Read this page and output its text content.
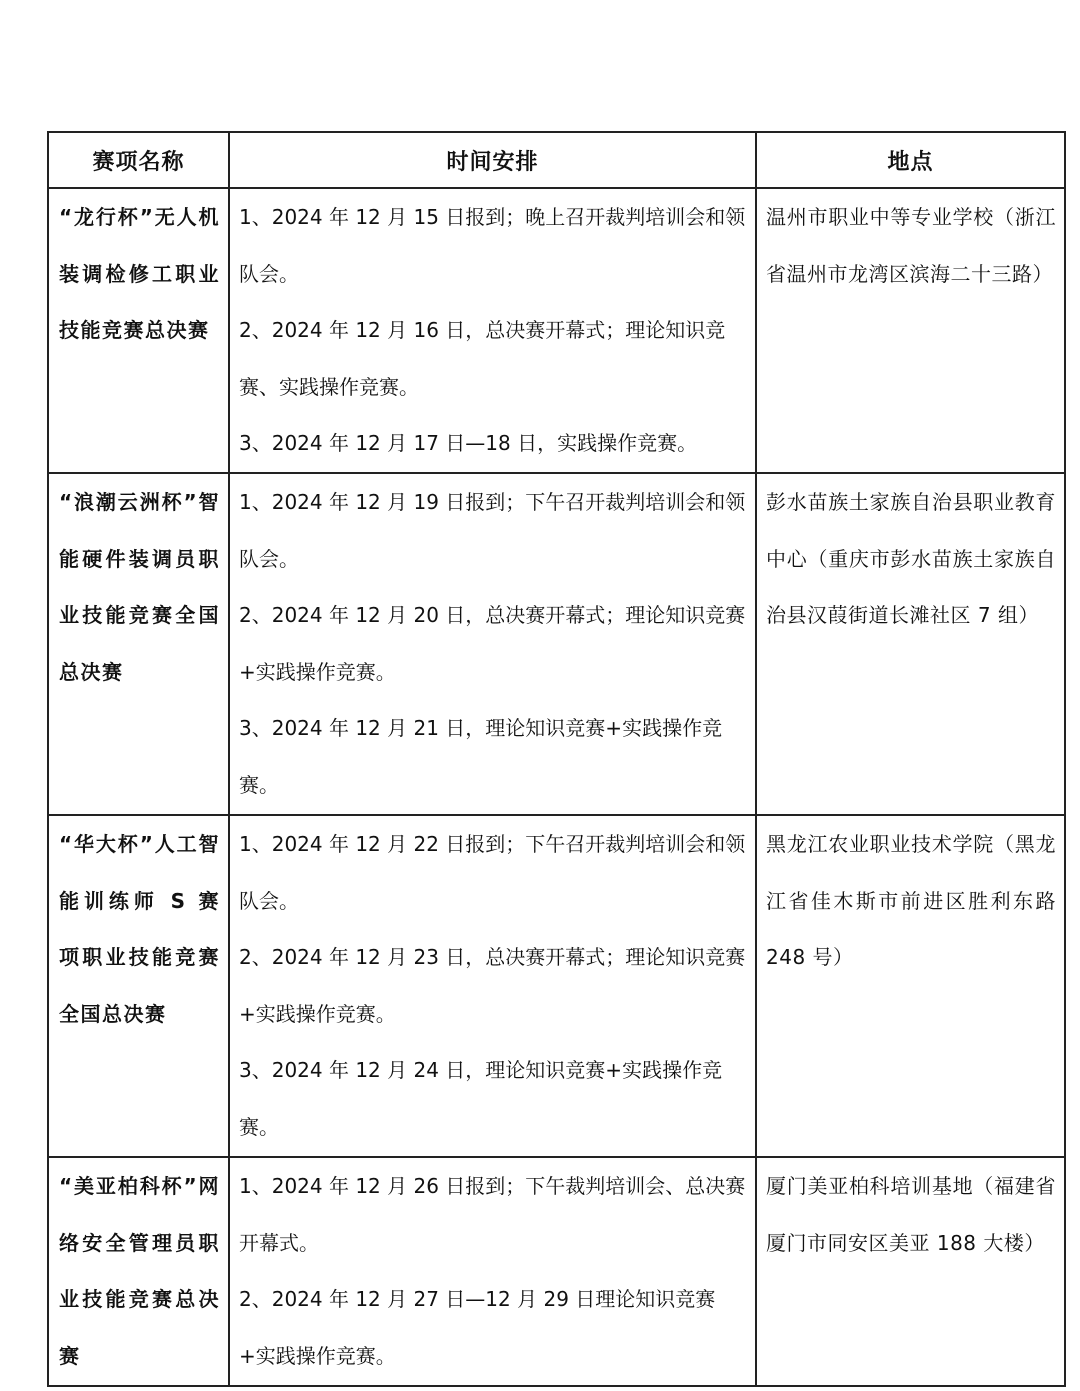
赛项名称	时间安排	地点
“龙行杯”无人机装调检修工职业技能竞赛总决赛	1、2024 年 12 月 15 日报到；晚上召开裁判培训会和领队会。
2、2024 年 12 月 16 日，总决赛开幕式；理论知识竞赛、实践操作竞赛。
3、2024 年 12 月 17 日—18 日，实践操作竞赛。	温州市职业中等专业学校（浙江省温州市龙湾区滨海二十三路）
“浪潮云洲杯”智能硬件装调员职业技能竞赛全国总决赛	1、2024 年 12 月 19 日报到；下午召开裁判培训会和领队会。
2、2024 年 12 月 20 日，总决赛开幕式；理论知识竞赛+实践操作竞赛。
3、2024 年 12 月 21 日，理论知识竞赛+实践操作竞赛。	彭水苗族土家族自治县职业教育中心（重庆市彭水苗族土家族自治县汉葭街道长滩社区 7 组）
“华大杯”人工智能训练师 S 赛项职业技能竞赛全国总决赛	1、2024 年 12 月 22 日报到；下午召开裁判培训会和领队会。
2、2024 年 12 月 23 日，总决赛开幕式；理论知识竞赛+实践操作竞赛。
3、2024 年 12 月 24 日，理论知识竞赛+实践操作竞赛。	黑龙江农业职业技术学院（黑龙江省佳木斯市前进区胜利东路 248 号）
“美亚柏科杯”网络安全管理员职业技能竞赛总决赛	1、2024 年 12 月 26 日报到；下午裁判培训会、总决赛开幕式。
2、2024 年 12 月 27 日—12 月 29 日理论知识竞赛+实践操作竞赛。	厦门美亚柏科培训基地（福建省厦门市同安区美亚 188 大楼）
